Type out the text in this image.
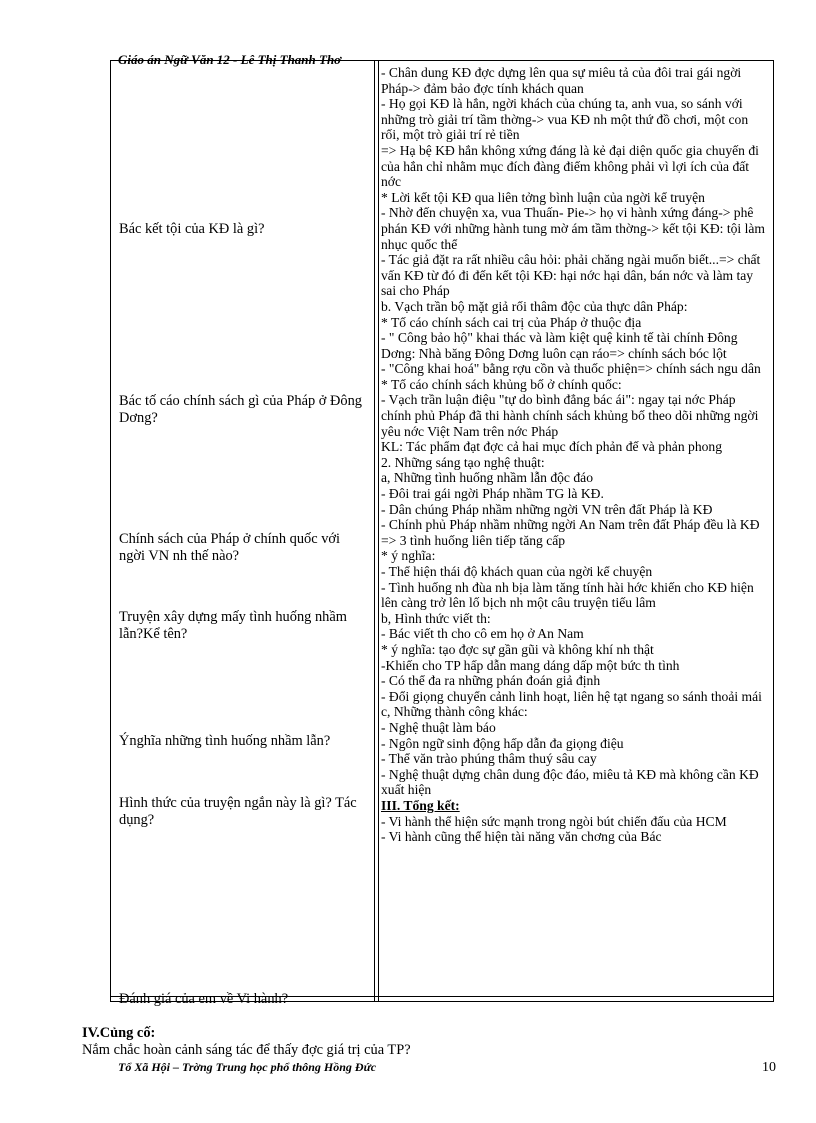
Giáo án Ngữ Văn 12 - Lê Thị Thanh Thơ
Bác kết tội của KĐ là gì?
Bác tố cáo chính sách gì của Pháp ở Đông Dơng?
Chính sách của Pháp ở chính quốc với ngời VN nh thế nào?
Truyện xây dựng mấy tình huống nhầm lẫn?Kể tên?
Ýnghĩa những tình huống nhầm lẫn?
Hình thức của truyện ngắn này là gì? Tác dụng?
Đánh giá của em về Vi hành?
- Chân dung KĐ đợc dựng lên qua sự miêu tả của đôi trai gái ngời Pháp-> đảm bảo đợc tính khách quan
- Họ gọi KĐ là hắn, ngời khách của chúng ta, anh vua, so sánh với những trò giải trí tầm thờng-> vua KĐ nh một thứ đồ chơi, một con rối, một trò giải trí rẻ tiền
=> Hạ bệ KĐ hắn không xứng đáng là kẻ đại diện quốc gia chuyến đi của hắn chỉ nhằm mục đích đàng điếm không phải vì lợi ích của đất nớc
* Lời kết tội KĐ qua liên tởng bình luận của ngời kể truyện
- Nhờ đến chuyện xa, vua Thuấn- Pie-> họ vi hành xứng đáng-> phê phán KĐ với những hành tung mờ ám tầm thờng-> kết tội KĐ: tội làm nhục quốc thể
- Tác giả đặt ra rất nhiều câu hỏi: phải chăng ngài muốn biết...=> chất vấn KĐ từ đó đi đến kết tội KĐ: hại nớc hại dân, bán nớc và làm tay sai cho Pháp
b. Vạch trần bộ mặt giả rối thâm độc của thực dân Pháp:
* Tố cáo chính sách cai trị của Pháp ở thuộc địa
- " Công bảo hộ" khai thác và làm kiệt quệ kinh tế tài chính Đông Dơng: Nhà băng Đông Dơng luôn cạn ráo=> chính sách bóc lột
- "Công khai hoá" bằng rợu cồn và thuốc phiện=> chính sách ngu dân
* Tố cáo chính sách khủng bố ở chính quốc:
- Vạch trần luận điệu "tự do bình đẳng bác ái": ngay tại nớc Pháp chính phủ Pháp đã thi hành chính sách khủng bố theo dõi những ngời yêu nớc Việt Nam trên nớc Pháp
KL: Tác phẩm đạt đợc cả hai mục đích phản đế và phản phong
2. Những sáng tạo nghệ thuật:
a, Những tình huống nhầm lẫn độc đáo
- Đôi trai gái ngời Pháp nhầm TG là KĐ.
- Dân chúng Pháp nhầm những ngời VN trên đất Pháp là KĐ
- Chính phủ Pháp nhầm những ngời An Nam trên đất Pháp đều là KĐ
=> 3 tình huống liên tiếp tăng cấp
* ý nghĩa:
- Thể hiện thái độ khách quan của ngời kể chuyện
- Tình huống nh đùa nh bịa làm tăng tính hài hớc khiến cho KĐ hiện lên càng trở lên lố bịch nh một câu truyện tiếu lâm
b, Hình thức viết th:
- Bác viết th cho cô em họ ở An Nam
* ý nghĩa: tạo đợc sự gần gũi và không khí nh thật
-Khiến cho TP hấp dẫn mang dáng dấp một bức th tình
- Có thể đa ra những phán đoán giả định
- Đổi giọng chuyển cảnh linh hoạt, liên hệ tạt ngang so sánh thoải mái
c, Những thành công khác:
- Nghệ thuật làm báo
- Ngôn ngữ sinh động hấp dẫn đa giọng điệu
- Thể văn trào phúng thâm thuý sâu cay
- Nghệ thuật dựng chân dung độc đáo, miêu tả KĐ mà không cần KĐ xuất hiện
III. Tổng kết:
- Vi hành thể hiện sức mạnh trong ngòi bút chiến đấu của HCM
- Vi hành cũng thể hiện tài năng văn chơng của Bác
IV.Củng cố:
Nắm chắc hoàn cảnh sáng tác để thấy đợc giá trị của TP?
Tổ Xã Hội – Trờng Trung học phổ thông Hồng Đức	10
